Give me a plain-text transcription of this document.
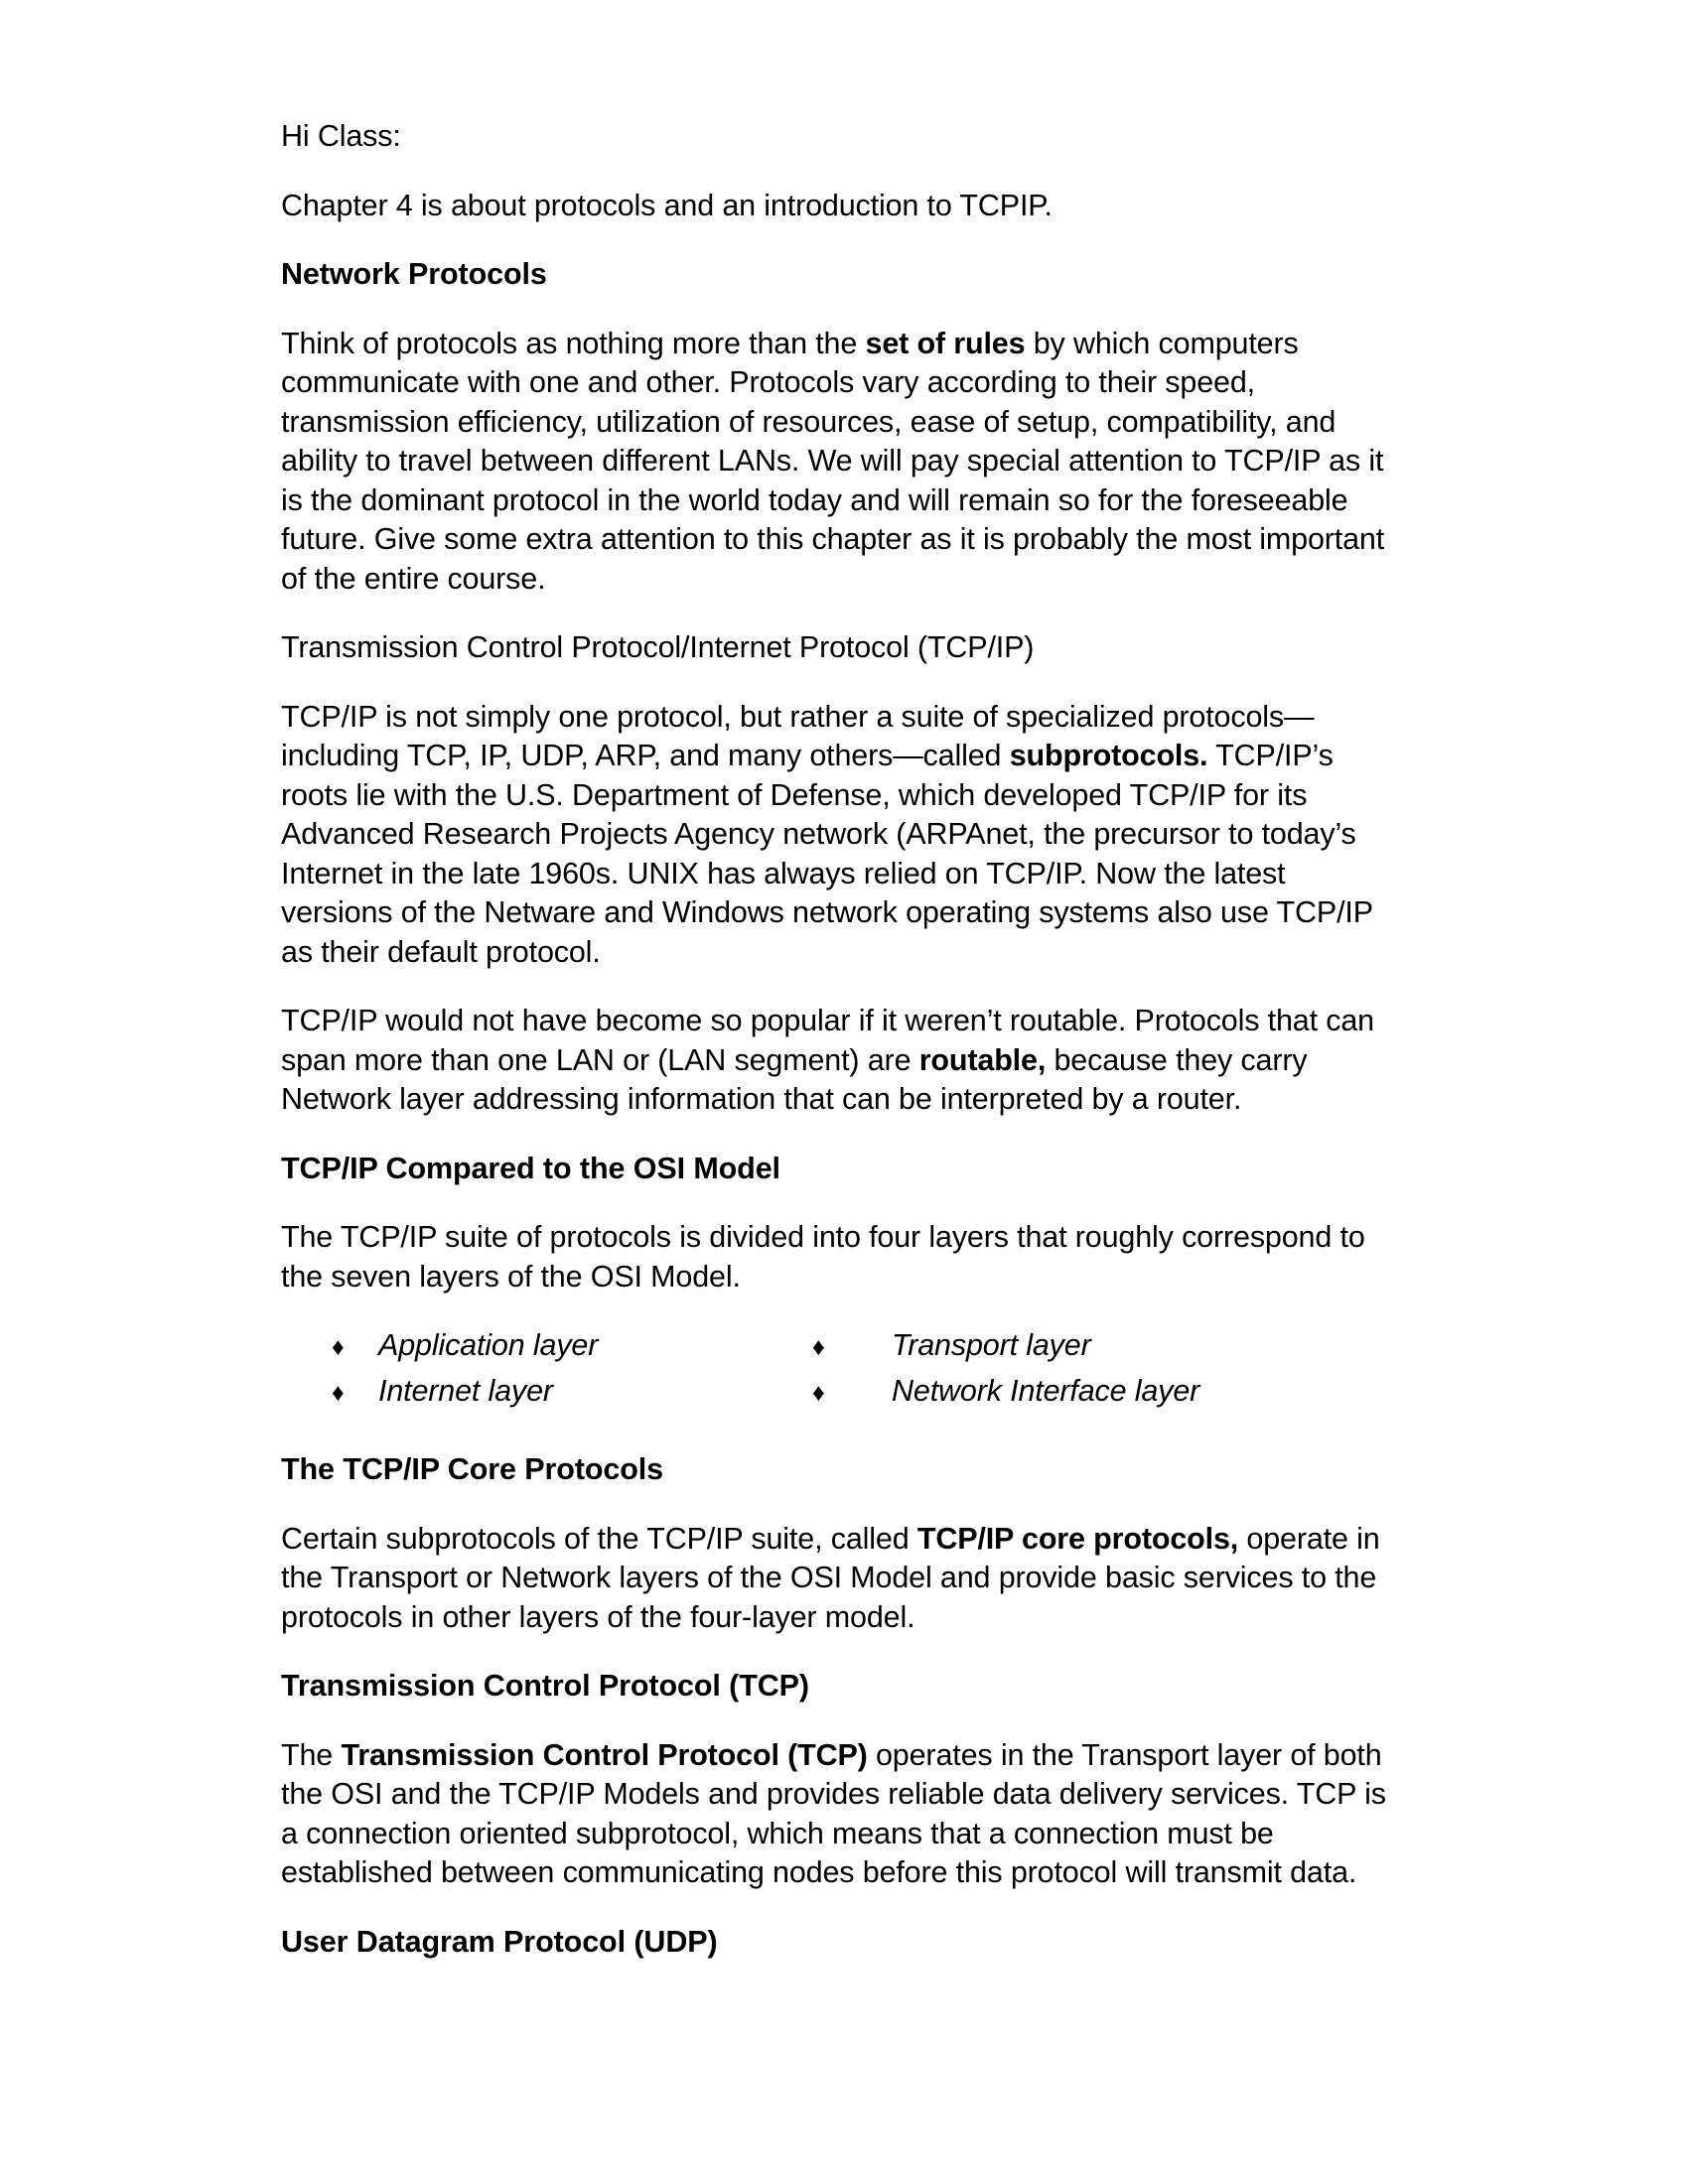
Hi Class:

Chapter 4 is about protocols and an introduction to TCPIP.

Network Protocols

Think of protocols as nothing more than the set of rules by which computers communicate with one and other. Protocols vary according to their speed, transmission efficiency, utilization of resources, ease of setup, compatibility, and ability to travel between different LANs. We will pay special attention to TCP/IP as it is the dominant protocol in the world today and will remain so for the foreseeable future. Give some extra attention to this chapter as it is probably the most important of the entire course.

Transmission Control Protocol/Internet Protocol (TCP/IP)

TCP/IP is not simply one protocol, but rather a suite of specialized protocols—including TCP, IP, UDP, ARP, and many others—called subprotocols. TCP/IP’s roots lie with the U.S. Department of Defense, which developed TCP/IP for its Advanced Research Projects Agency network (ARPAnet, the precursor to today’s Internet in the late 1960s. UNIX has always relied on TCP/IP. Now the latest versions of the Netware and Windows network operating systems also use TCP/IP as their default protocol.

TCP/IP would not have become so popular if it weren’t routable. Protocols that can span more than one LAN or (LAN segment) are routable, because they carry Network layer addressing information that can be interpreted by a router.

TCP/IP Compared to the OSI Model

The TCP/IP suite of protocols is divided into four layers that roughly correspond to the seven layers of the OSI Model.

♦	Application layer	♦	Transport layer
♦	Internet layer	♦	Network Interface layer
The TCP/IP Core Protocols

Certain subprotocols of the TCP/IP suite, called TCP/IP core protocols, operate in the Transport or Network layers of the OSI Model and provide basic services to the protocols in other layers of the four-layer model.

Transmission Control Protocol (TCP)

The Transmission Control Protocol (TCP) operates in the Transport layer of both the OSI and the TCP/IP Models and provides reliable data delivery services. TCP is a connection oriented subprotocol, which means that a connection must be established between communicating nodes before this protocol will transmit data.

User Datagram Protocol (UDP)
